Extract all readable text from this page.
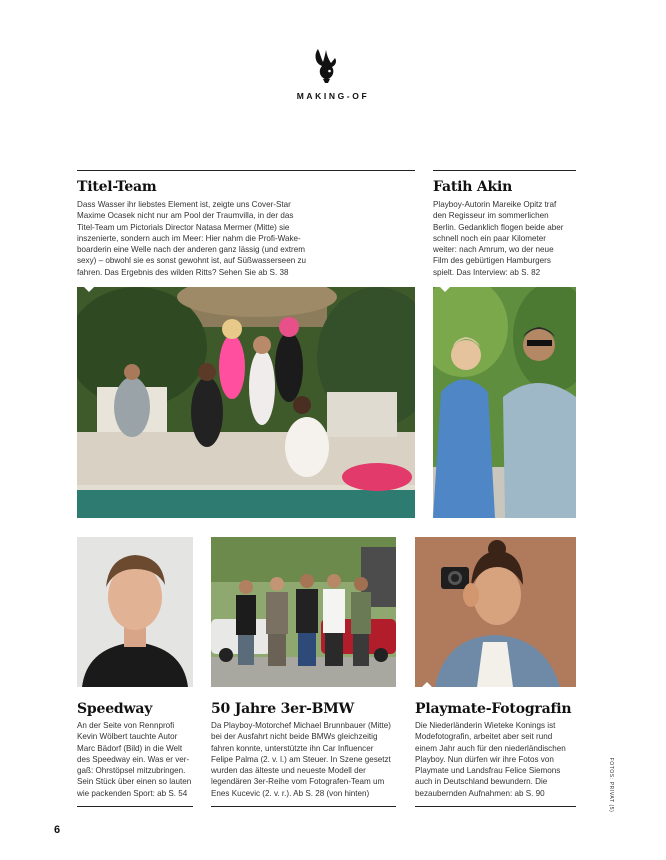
MAKING-OF
Titel-Team
Dass Wasser ihr liebstes Element ist, zeigte uns Cover-Star
Maxime Ocasek nicht nur am Pool der Traumvilla, in der das
Titel-Team um Pictorials Director Natasa Mermer (Mitte) sie
inszenierte, sondern auch im Meer: Hier nahm die Profi-Wake-
boarderin eine Welle nach der anderen ganz lässig (und extrem
sexy) – obwohl sie es sonst gewohnt ist, auf Süßwasserseen zu
fahren. Das Ergebnis des wilden Ritts? Sehen Sie ab S. 38
Fatih Akin
Playboy-Autorin Mareike Opitz traf
den Regisseur im sommerlichen
Berlin. Gedanklich flogen beide aber
schnell noch ein paar Kilometer
weiter: nach Amrum, wo der neue
Film des gebürtigen Hamburgers
spielt. Das Interview: ab S. 82
Speedway
An der Seite von Rennprofi
Kevin Wölbert tauchte Autor
Marc Bädorf (Bild) in die Welt
des Speedway ein. Was er ver-
gaß: Ohrstöpsel mitzubringen.
Sein Stück über einen so lauten
wie packenden Sport: ab S. 54
50 Jahre 3er-BMW
Da Playboy-Motorchef Michael Brunnbauer (Mitte)
bei der Ausfahrt nicht beide BMWs gleichzeitig
fahren konnte, unterstützte ihn Car Influencer
Felipe Palma (2. v. l.) am Steuer. In Szene gesetzt
wurden das älteste und neueste Modell der
legendären 3er-Reihe vom Fotografen-Team um
Enes Kucevic (2. v. r.). Ab S. 28 (von hinten)
Playmate-Fotografin
Die Niederländerin Wieteke Konings ist
Modefotografin, arbeitet aber seit rund
einem Jahr auch für den niederländischen
Playboy. Nun dürfen wir ihre Fotos von
Playmate und Landsfrau Felice Siemons
auch in Deutschland bewundern. Die
bezaubernden Aufnahmen: ab S. 90	FOTOS: PRIVAT (5)
6
